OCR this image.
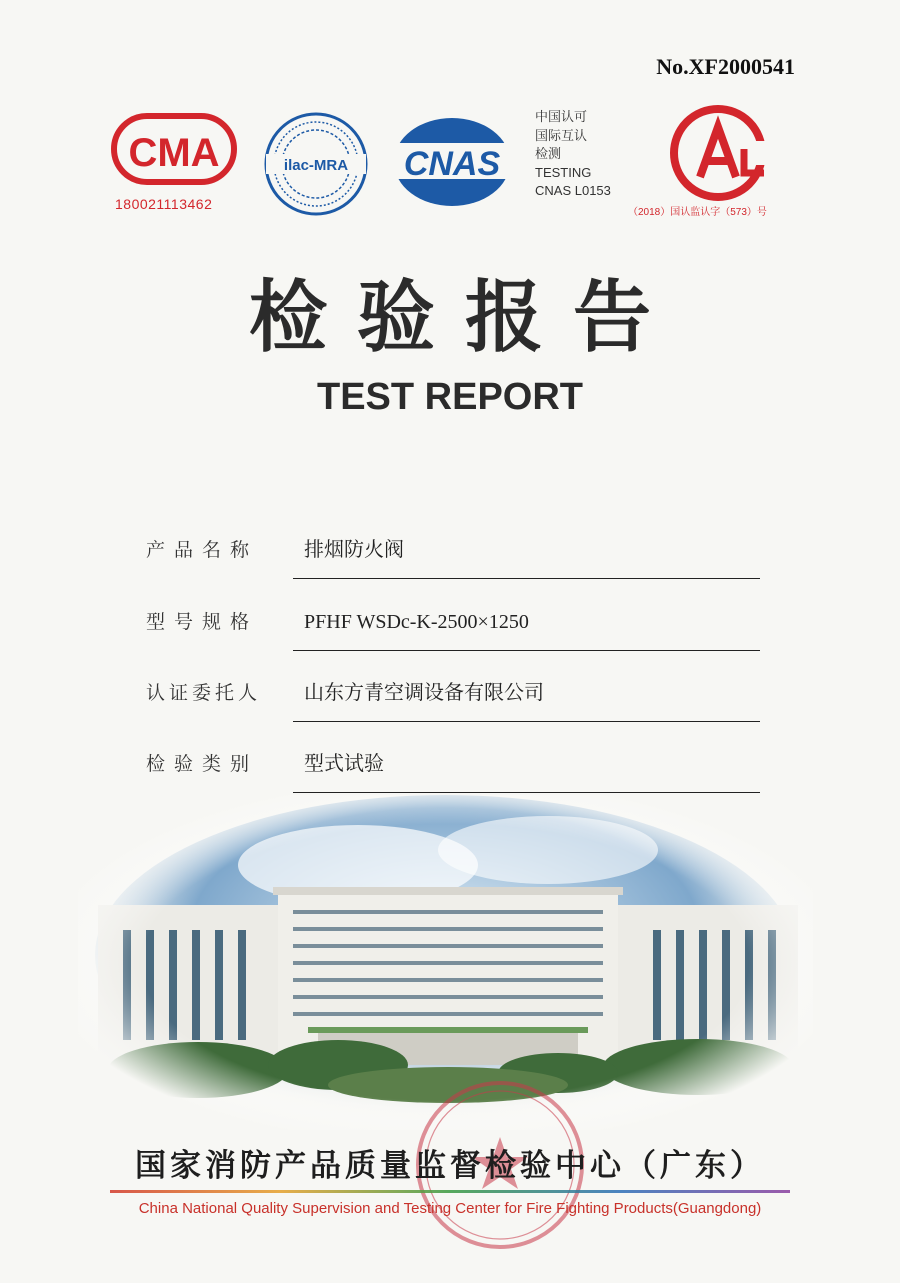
No.XF2000541
CMA
180021113462
ilac-MRA CNAS
中国认可
国际互认
检测
TESTING
CNAS L0153
（2018）国认监认字（573）号
检验报告
TEST REPORT
产品名称	排烟防火阀
型号规格	PFHF WSDc-K-2500×1250
认证委托人	山东方青空调设备有限公司
检验类别	型式试验
国家消防产品质量监督检验中心（广东）
China National Quality Supervision and Testing Center for Fire Fighting Products(Guangdong)
